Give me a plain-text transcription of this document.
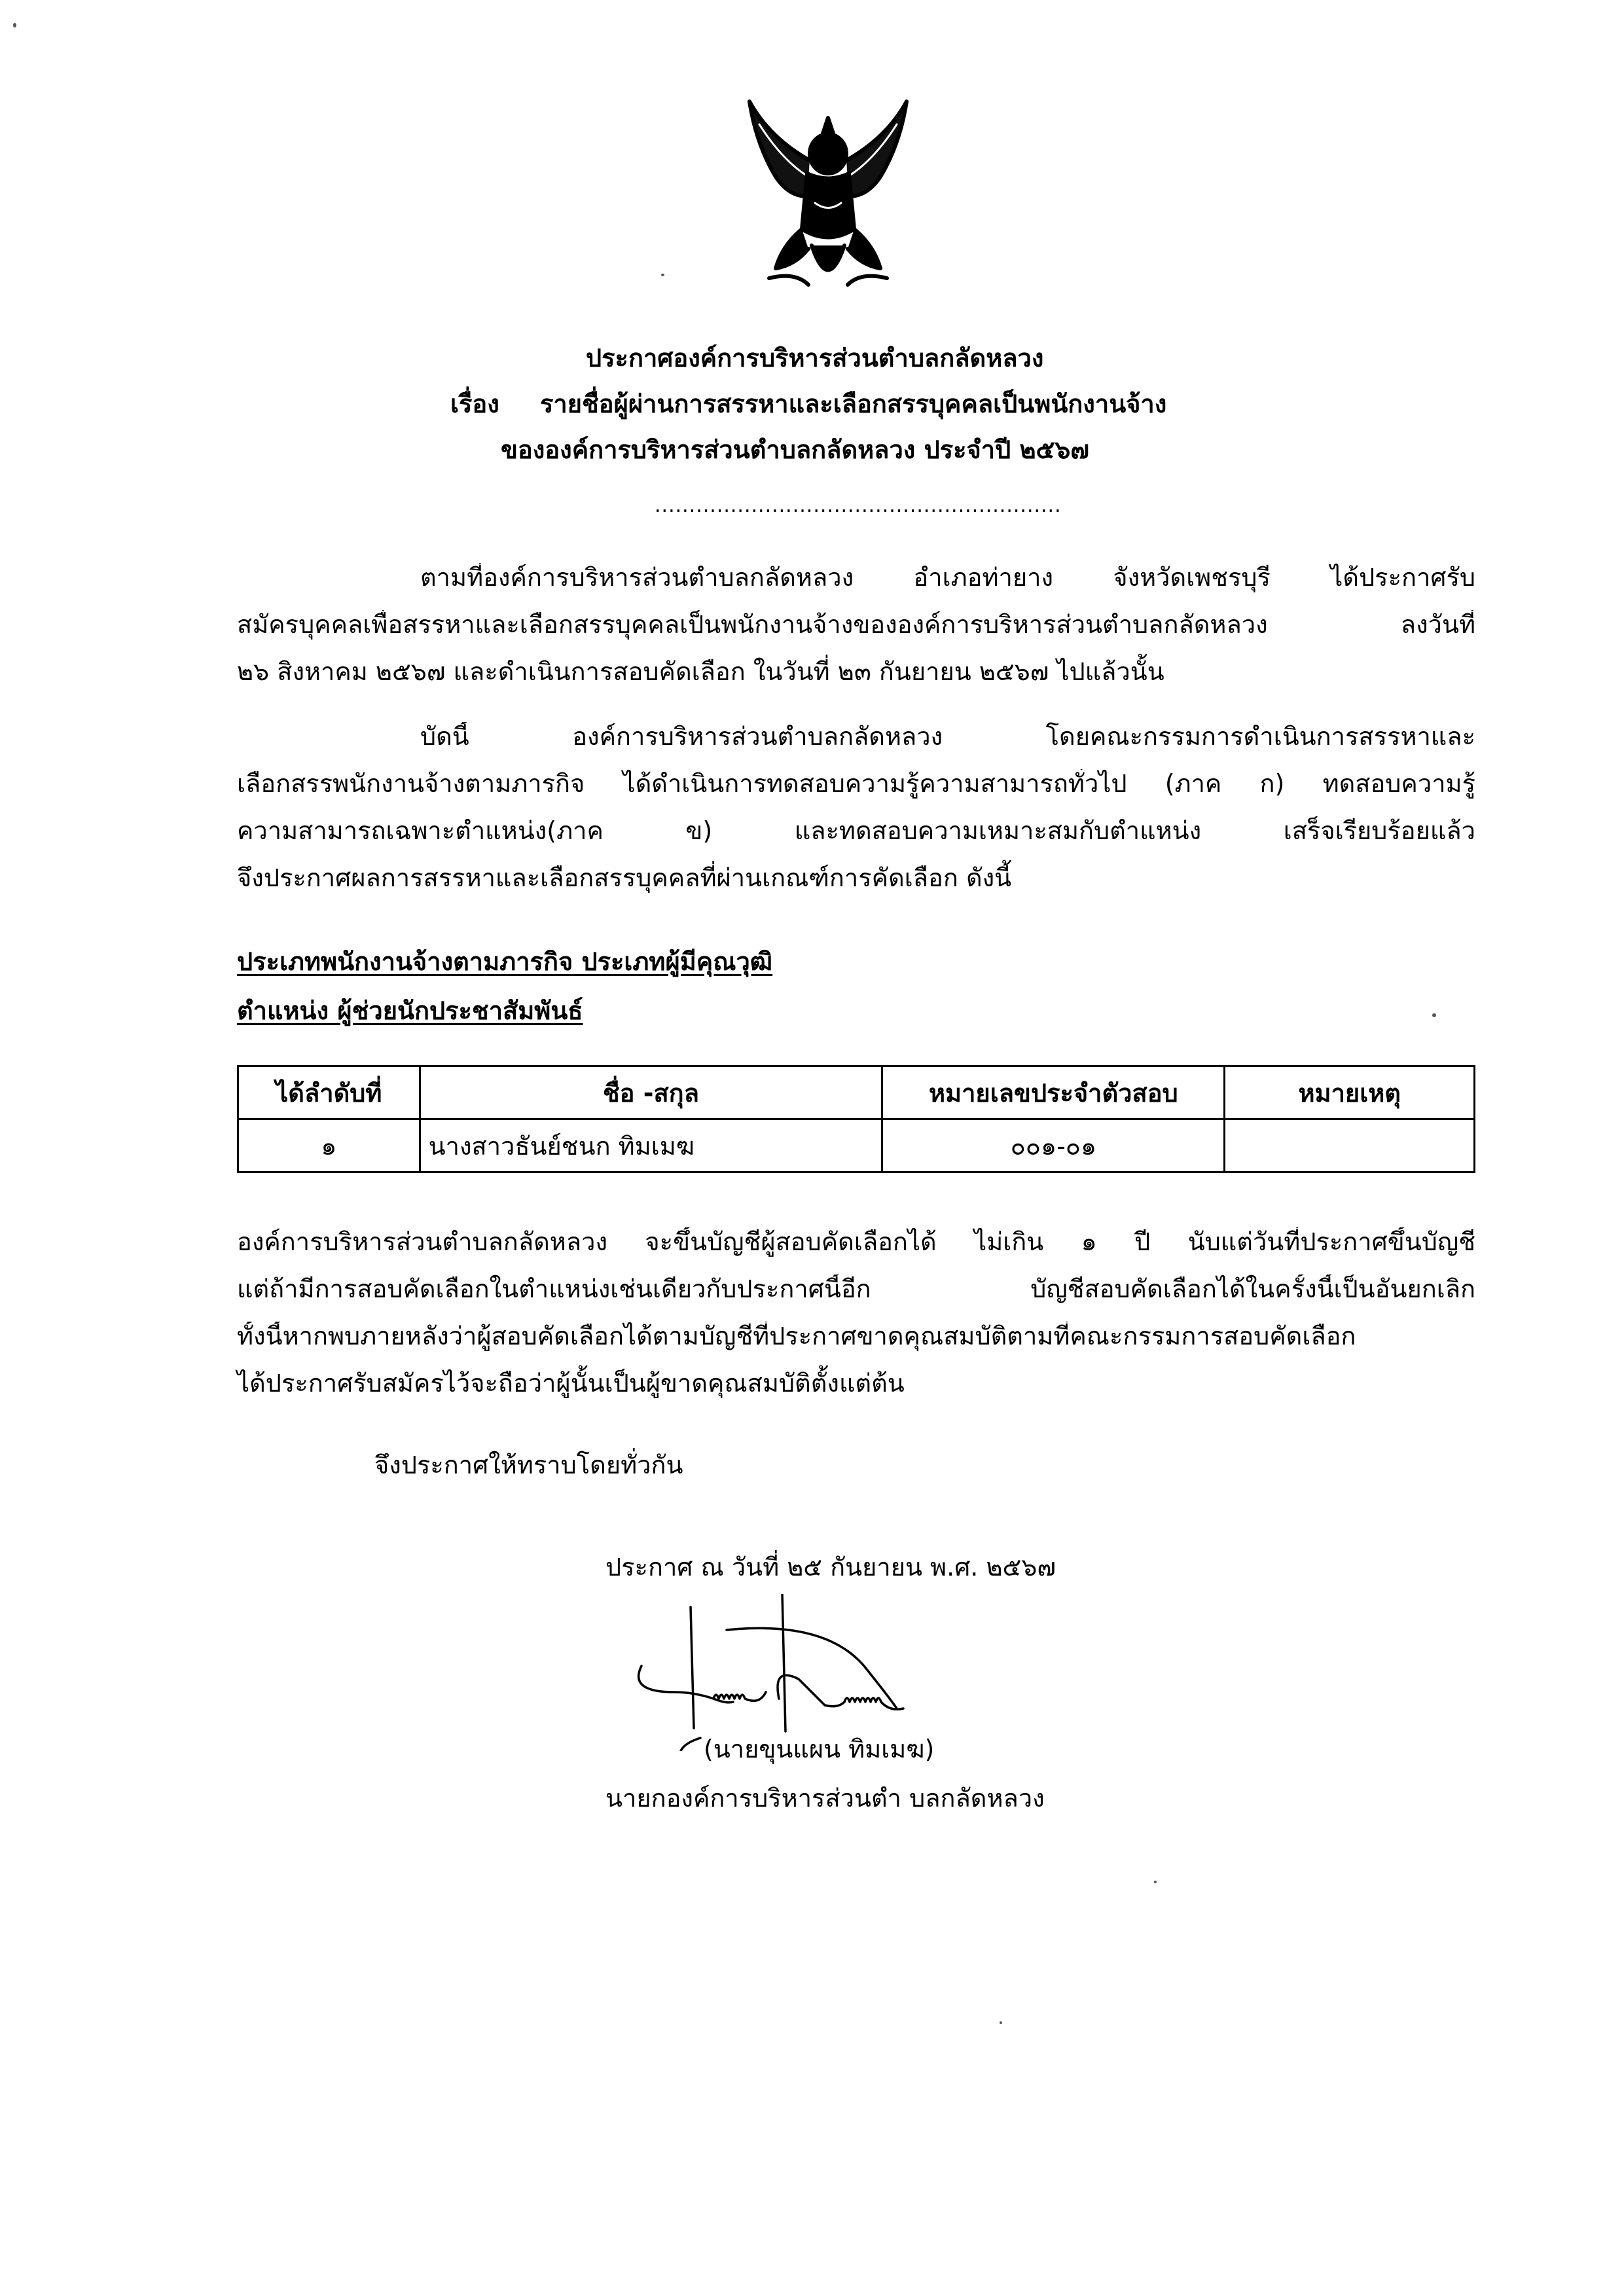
ประกาศองค์การบริหารส่วนตำบลกลัดหลวง
เรื่อง รายชื่อผู้ผ่านการสรรหาและเลือกสรรบุคคลเป็นพนักงานจ้าง
ขององค์การบริหารส่วนตำบลกลัดหลวง ประจำปี ๒๕๖๗
...........................................................
ตามที่องค์การบริหารส่วนตำบลกลัดหลวง อำเภอท่ายาง จังหวัดเพชรบุรี ได้ประกาศรับ
สมัครบุคคลเพื่อสรรหาและเลือกสรรบุคคลเป็นพนักงานจ้างขององค์การบริหารส่วนตำบลกลัดหลวง ลงวันที่
๒๖ สิงหาคม ๒๕๖๗ และดำเนินการสอบคัดเลือก ในวันที่ ๒๓ กันยายน ๒๕๖๗ ไปแล้วนั้น
บัดนี้ องค์การบริหารส่วนตำบลกลัดหลวง โดยคณะกรรมการดำเนินการสรรหาและ
เลือกสรรพนักงานจ้างตามภารกิจ ได้ดำเนินการทดสอบความรู้ความสามารถทั่วไป (ภาค ก) ทดสอบความรู้
ความสามารถเฉพาะตำแหน่ง(ภาค ข) และทดสอบความเหมาะสมกับตำแหน่ง เสร็จเรียบร้อยแล้ว
จึงประกาศผลการสรรหาและเลือกสรรบุคคลที่ผ่านเกณฑ์การคัดเลือก ดังนี้
ประเภทพนักงานจ้างตามภารกิจ ประเภทผู้มีคุณวุฒิ
ตำแหน่ง ผู้ช่วยนักประชาสัมพันธ์
ได้ลำดับที่	ชื่อ -สกุล	หมายเลขประจำตัวสอบ	หมายเหตุ
๑	นางสาวธันย์ชนก ทิมเมฆ	๐๐๑-๐๑	
องค์การบริหารส่วนตำบลกลัดหลวง จะขึ้นบัญชีผู้สอบคัดเลือกได้ ไม่เกิน ๑ ปี นับแต่วันที่ประกาศขึ้นบัญชี
แต่ถ้ามีการสอบคัดเลือกในตำแหน่งเช่นเดียวกับประกาศนี้อีก บัญชีสอบคัดเลือกได้ในครั้งนี้เป็นอันยกเลิก
ทั้งนี้หากพบภายหลังว่าผู้สอบคัดเลือกได้ตามบัญชีที่ประกาศขาดคุณสมบัติตามที่คณะกรรมการสอบคัดเลือก
ได้ประกาศรับสมัครไว้จะถือว่าผู้นั้นเป็นผู้ขาดคุณสมบัติตั้งแต่ต้น
จึงประกาศให้ทราบโดยทั่วกัน
ประกาศ ณ วันที่ ๒๕ กันยายน พ.ศ. ๒๕๖๗
(นายขุนแผน ทิมเมฆ)
นายกองค์การบริหารส่วนตำ บลกลัดหลวง
